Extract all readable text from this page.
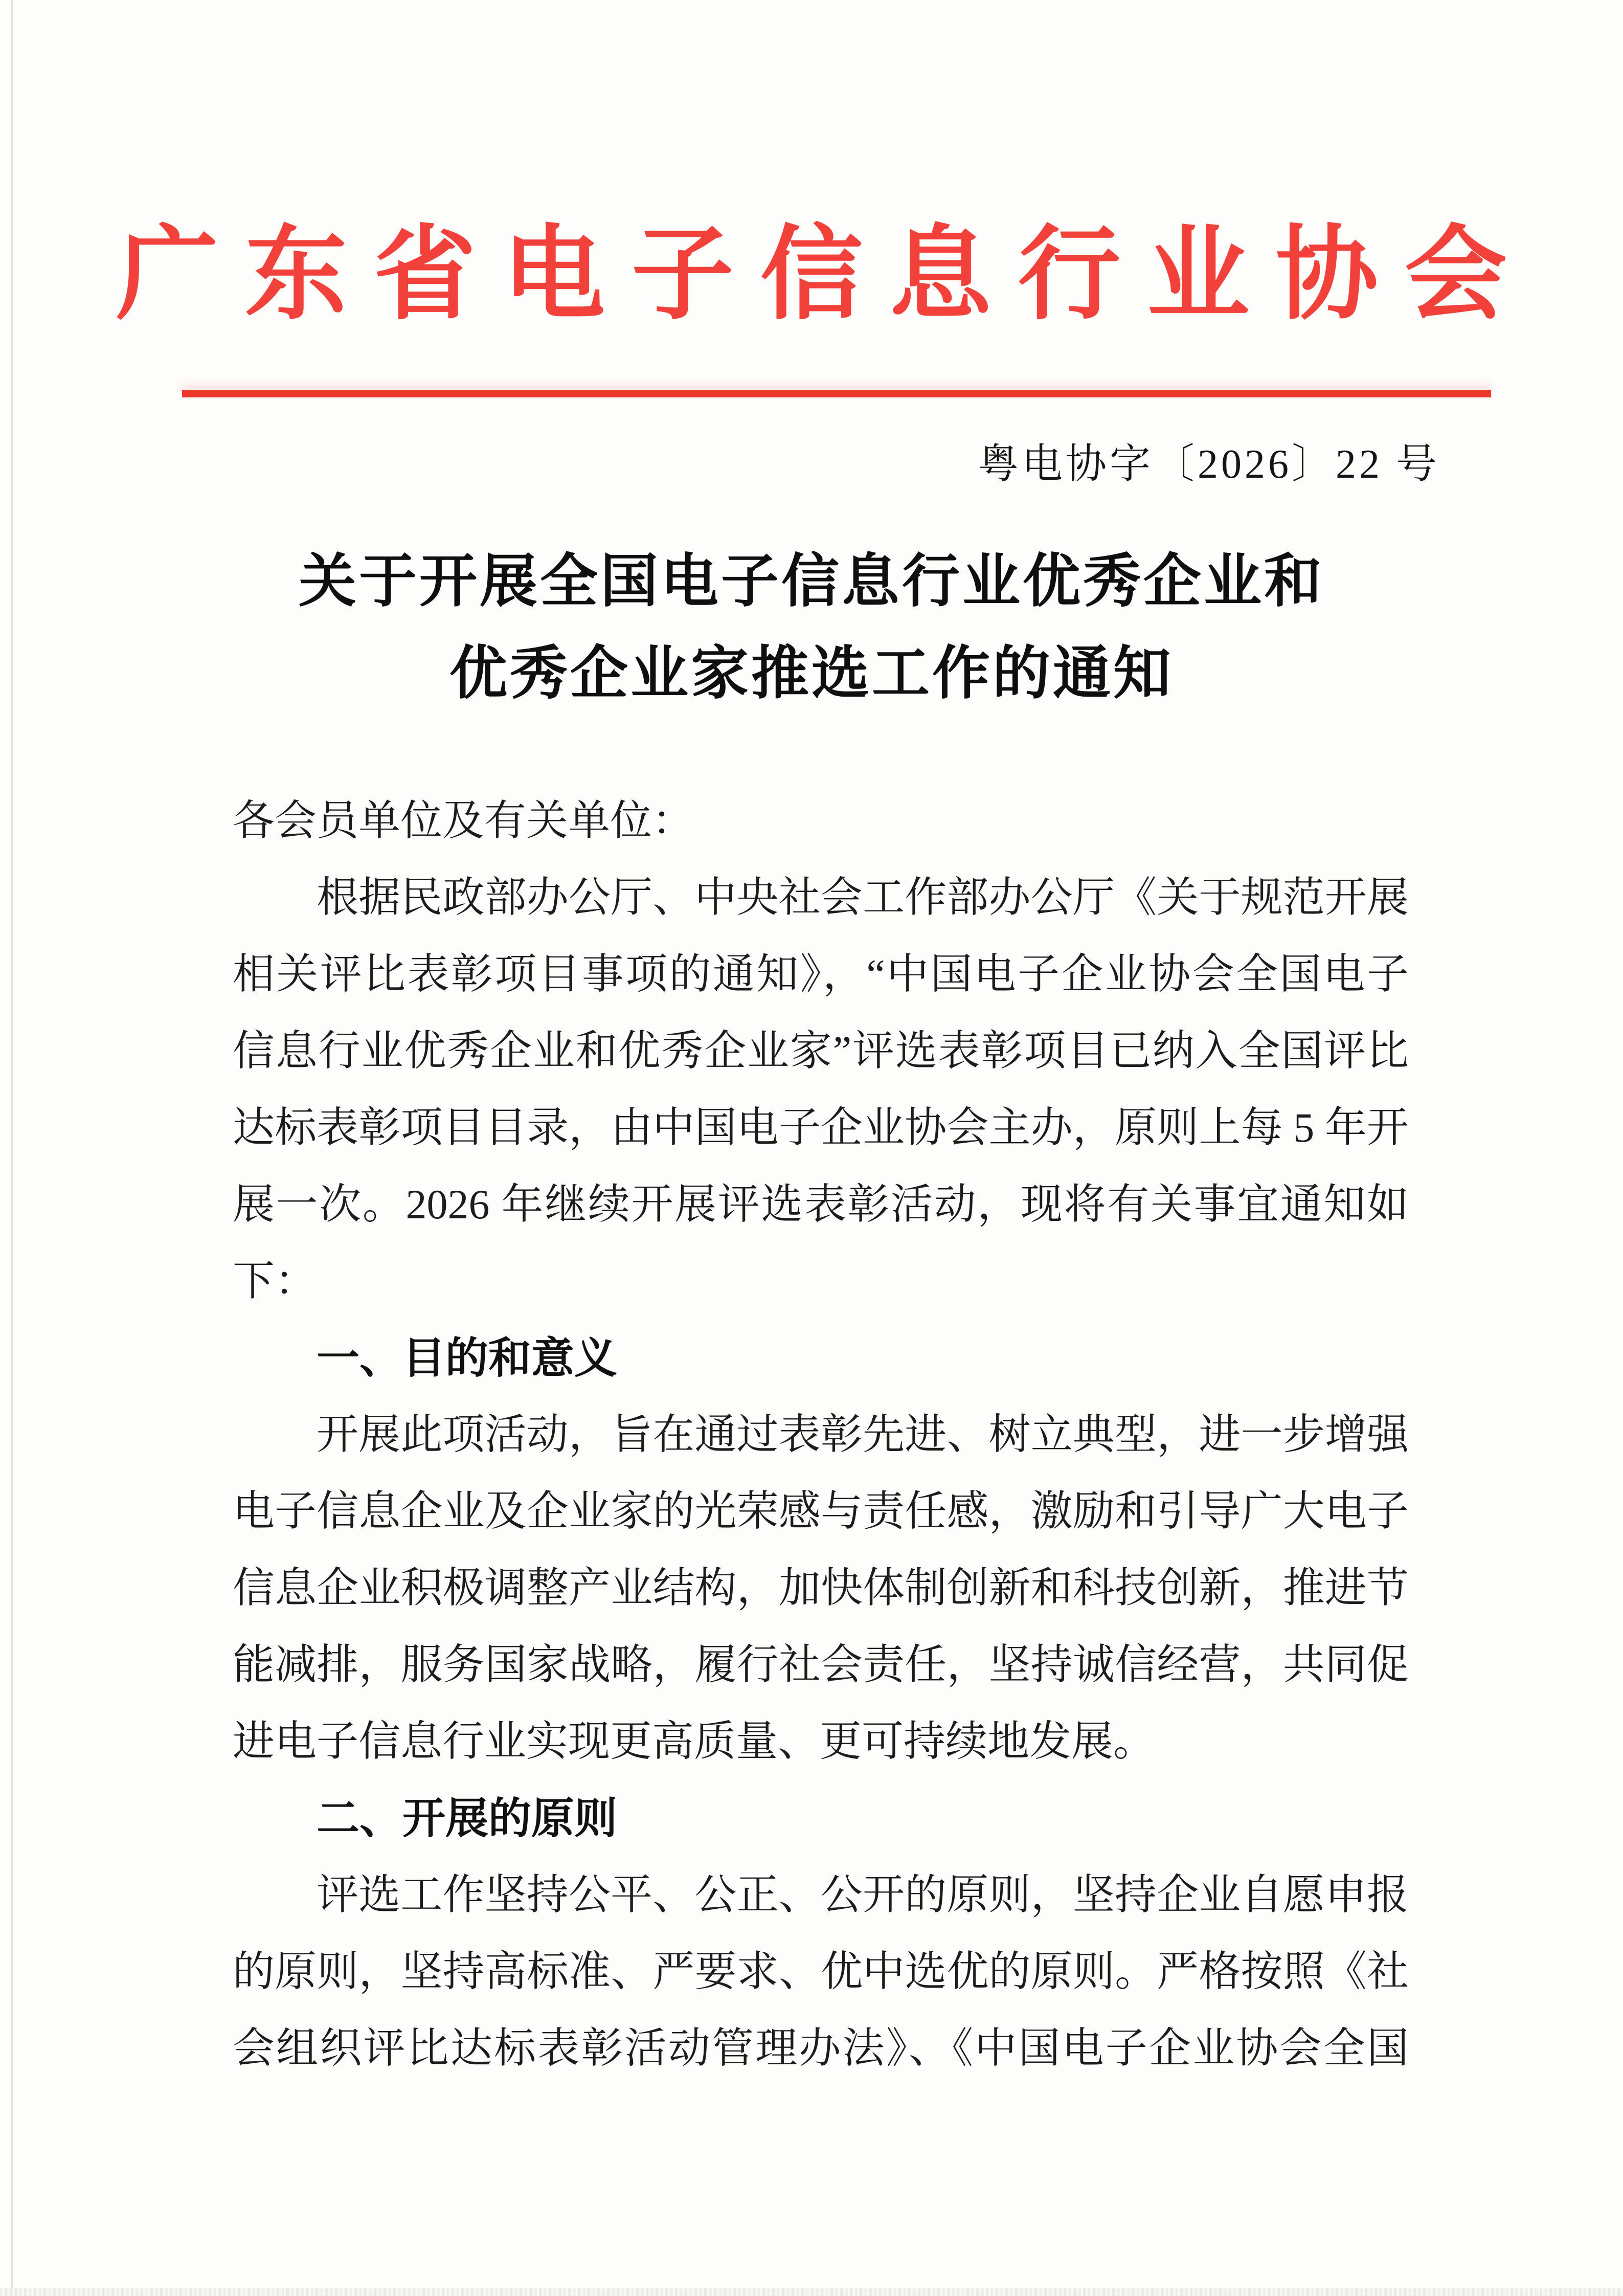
广东省电子信息行业协会
粤电协字〔2026〕22 号
关于开展全国电子信息行业优秀企业和
优秀企业家推选工作的通知
各会员单位及有关单位：
根据民政部办公厅、中央社会工作部办公厅《关于规范开展
相关评比表彰项目事项的通知》，“中国电子企业协会全国电子
信息行业优秀企业和优秀企业家”评选表彰项目已纳入全国评比
达标表彰项目目录，由中国电子企业协会主办，原则上每 5 年开
展一次。2026 年继续开展评选表彰活动，现将有关事宜通知如
下：
一、目的和意义
开展此项活动，旨在通过表彰先进、树立典型，进一步增强
电子信息企业及企业家的光荣感与责任感，激励和引导广大电子
信息企业积极调整产业结构，加快体制创新和科技创新，推进节
能减排，服务国家战略，履行社会责任，坚持诚信经营，共同促
进电子信息行业实现更高质量、更可持续地发展。
二、开展的原则
评选工作坚持公平、公正、公开的原则，坚持企业自愿申报
的原则，坚持高标准、严要求、优中选优的原则。严格按照《社
会组织评比达标表彰活动管理办法》、《中国电子企业协会全国
